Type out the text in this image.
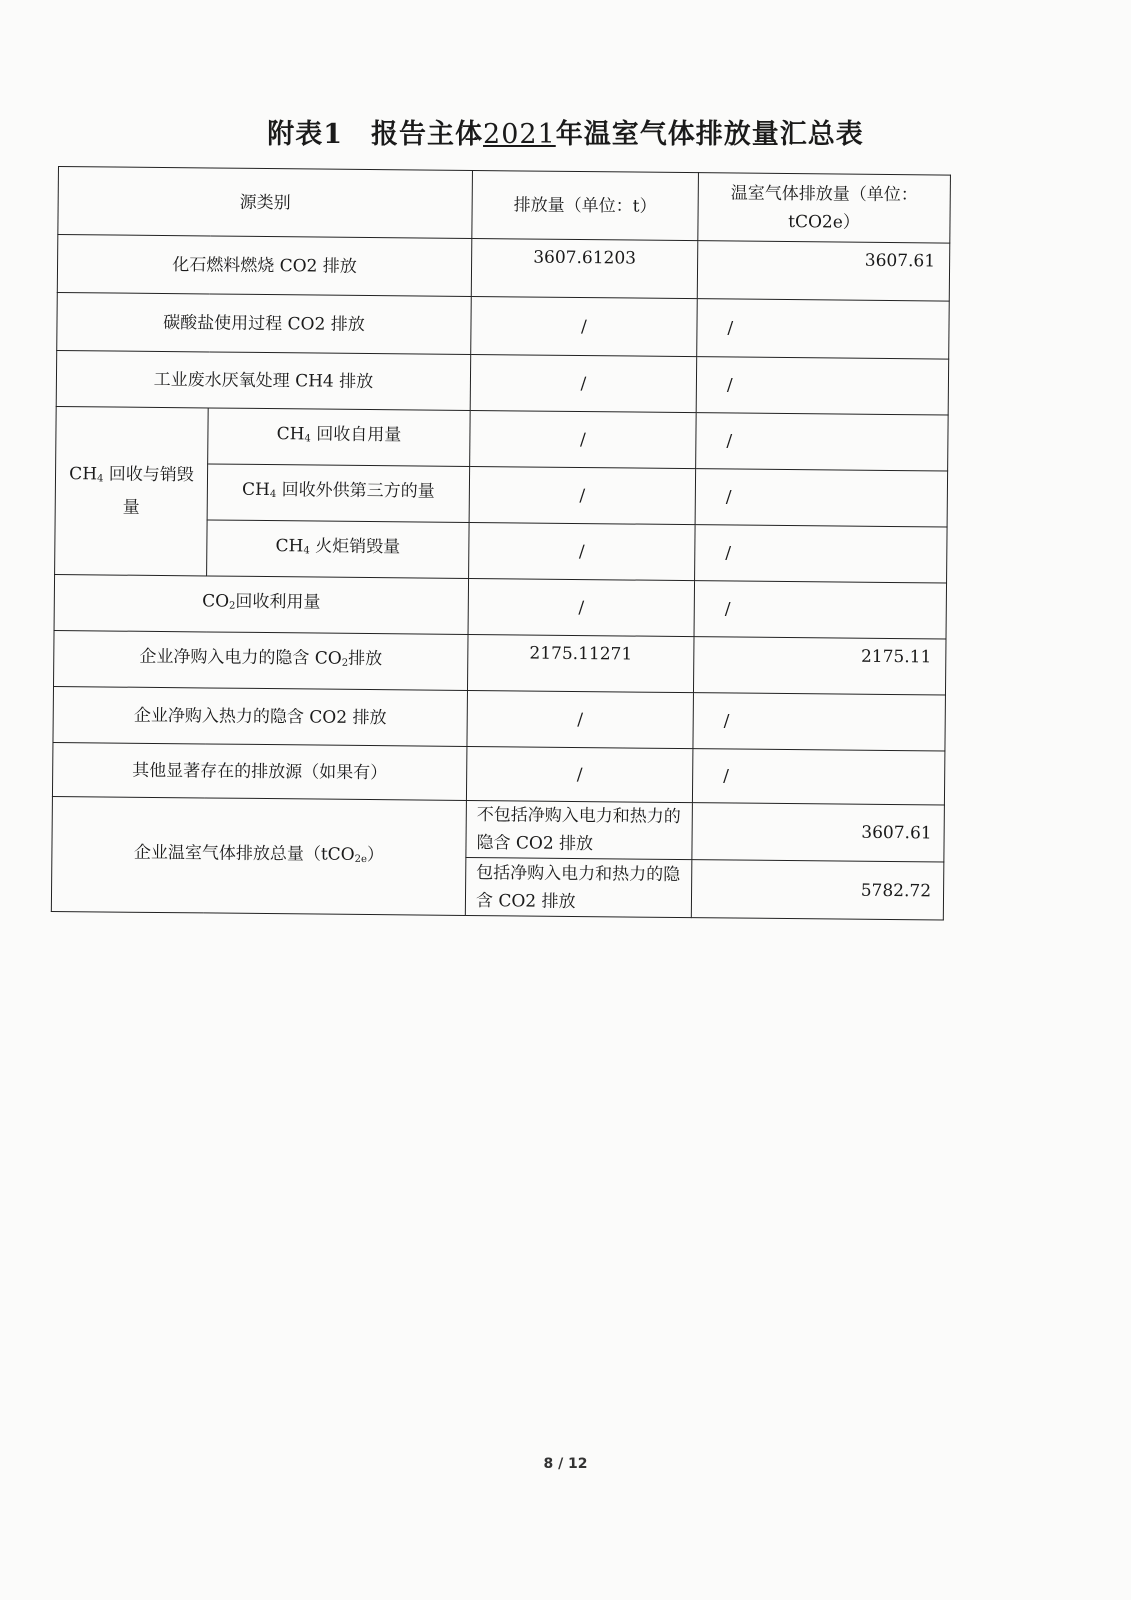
附表1　报告主体2021年温室气体排放量汇总表
源类别		排放量（单位：t）	温室气体排放量（单位：tCO2e）
化石燃料燃烧 CO2 排放		3607.61203	3607.61
碳酸盐使用过程 CO2 排放		/	/
工业废水厌氧处理 CH4 排放		/	/
$CH_4$ 回收与销毁量	$CH_4$ 回收自用量	/	/
	$CH_4$ 回收外供第三方的量	/	/
	$CH_4$ 火炬销毁量	/	/
$CO_2$回收利用量		/	/
企业净购入电力的隐含 $CO_2$排放		2175.11271	2175.11
企业净购入热力的隐含 CO2 排放		/	/
其他显著存在的排放源（如果有）		/	/
企业温室气体排放总量（tCO$_{2e}$）		不包括净购入电力和热力的隐含 CO2 排放	3607.61
		包括净购入电力和热力的隐含 CO2 排放	5782.72
8 / 12
